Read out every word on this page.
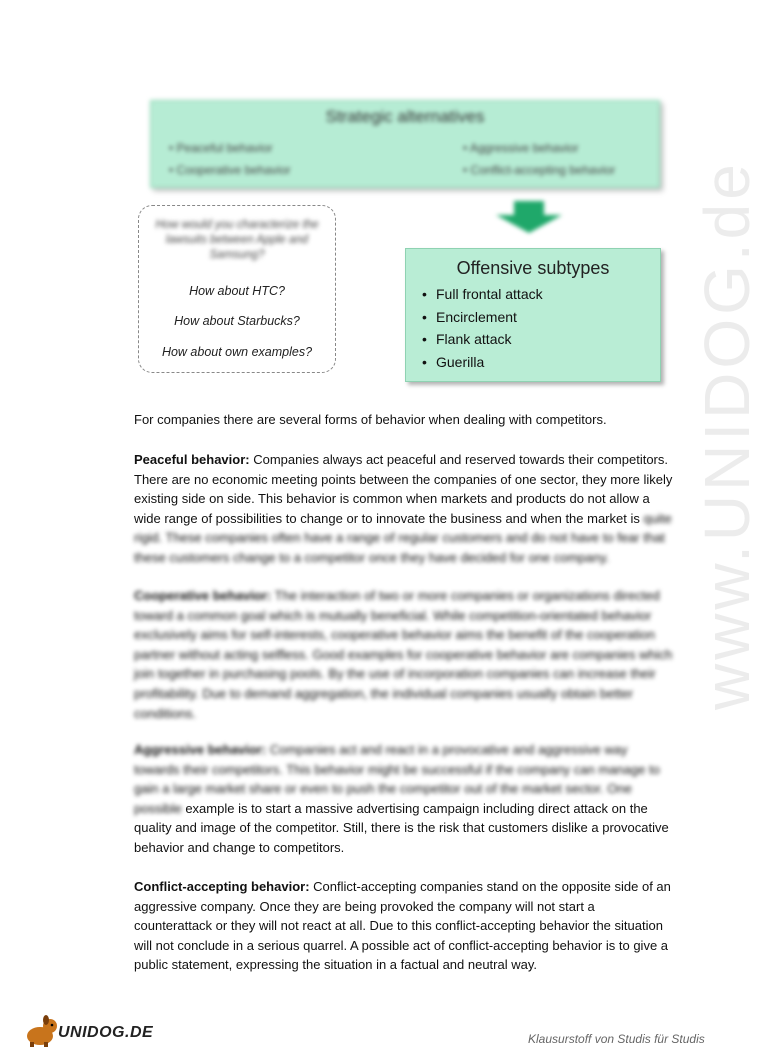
Strategic alternatives
• Peaceful behavior
• Cooperative behavior
• Aggressive behavior
• Conflict-accepting behavior
How would you characterize the lawsuits between Apple and Samsung?
How about HTC?
How about Starbucks?
How about own examples?
Offensive subtypes
• Full frontal attack
• Encirclement
• Flank attack
• Guerilla	www.UNIDOG.de

For companies there are several forms of behavior when dealing with competitors.

Peaceful behavior: Companies always act peaceful and reserved towards their competitors. There are no economic meeting points between the companies of one sector, they more likely existing side on side. This behavior is common when markets and products do not allow a wide range of possibilities to change or to innovate the business and when the market is quite rigid. These companies often have a range of regular customers and do not have to fear that these customers change to a competitor once they have decided for one company.

Cooperative behavior: The interaction of two or more companies or organizations directed toward a common goal which is mutually beneficial. While competition-orientated behavior exclusively aims for self-interests, cooperative behavior aims the benefit of the cooperation partner without acting selfless. Good examples for cooperative behavior are companies which join together in purchasing pools. By the use of incorporation companies can increase their profitability. Due to demand aggregation, the individual companies usually obtain better conditions.

Aggressive behavior: Companies act and react in a provocative and aggressive way towards their competitors. This behavior might be successful if the company can manage to gain a large market share or even to push the competitor out of the market sector. One possible example is to start a massive advertising campaign including direct attack on the quality and image of the competitor. Still, there is the risk that customers dislike a provocative behavior and change to competitors.

Conflict-accepting behavior: Conflict-accepting companies stand on the opposite side of an aggressive company. Once they are being provoked the company will not start a counterattack or they will not react at all. Due to this conflict-accepting behavior the situation will not conclude in a serious quarrel. A possible act of conflict-accepting behavior is to give a public statement, expressing the situation in a factual and neutral way.

UNIDOG.DE	Klausurstoff von Studis für Studis
